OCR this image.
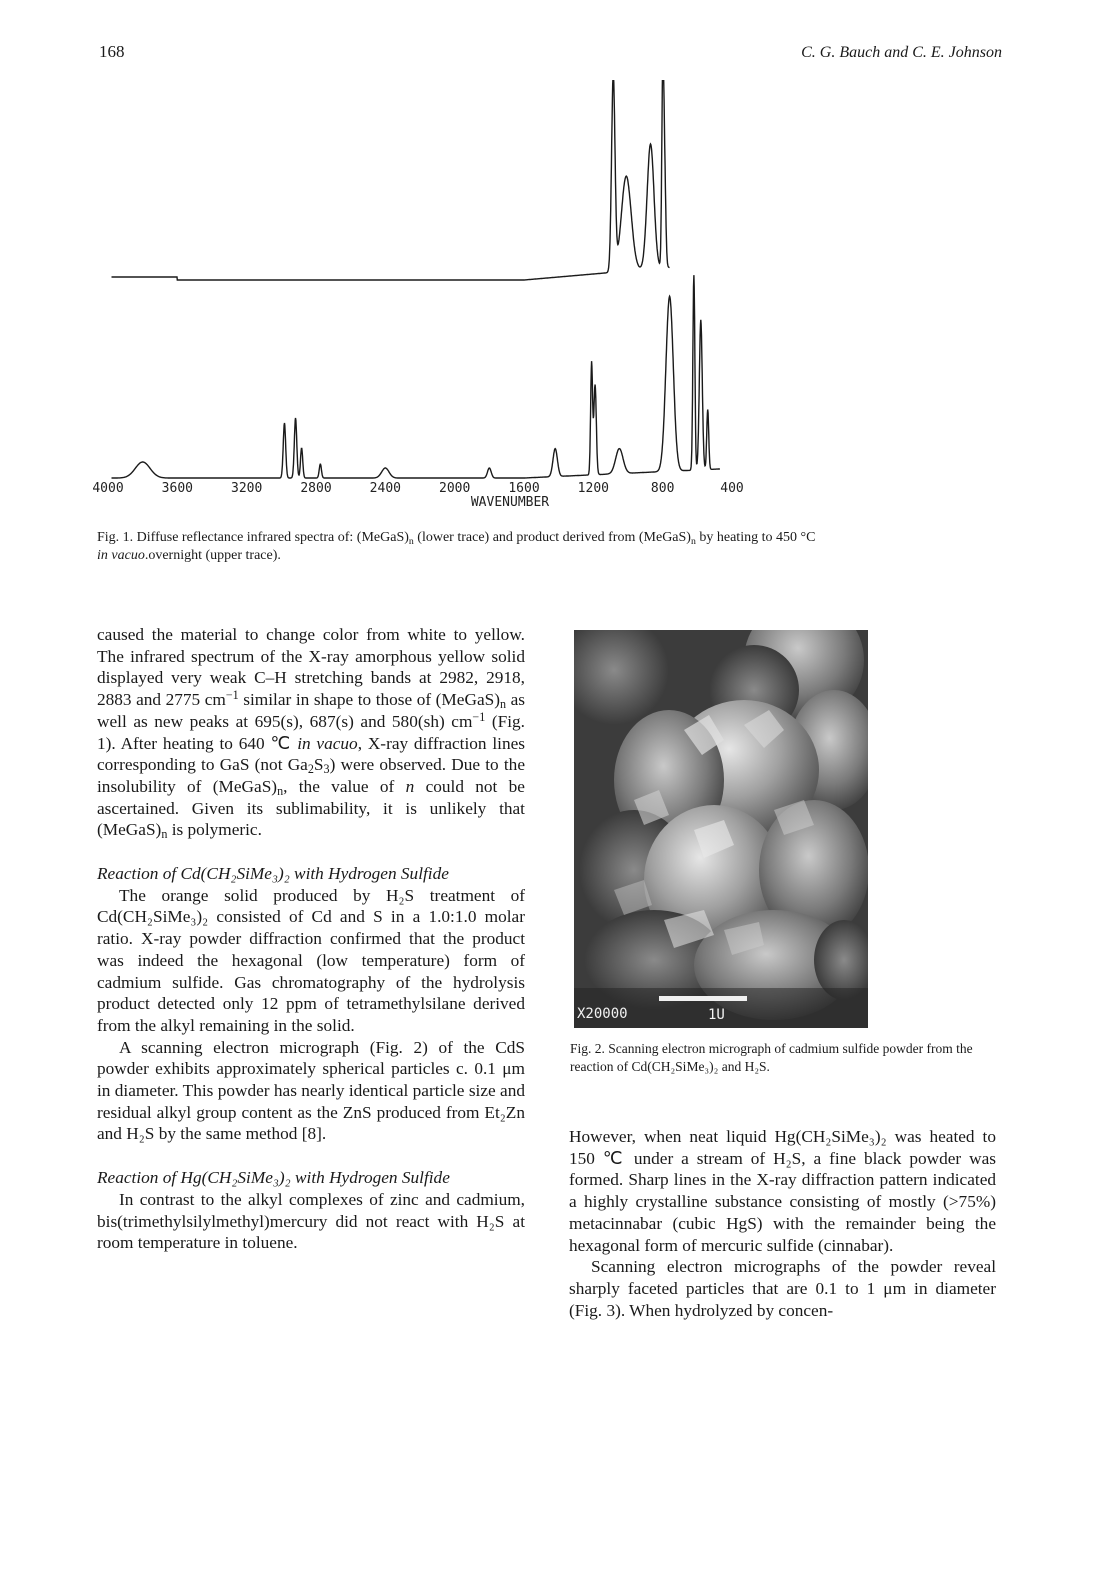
168	C. G. Bauch and C. E. Johnson
4000	3600	3200	2800	2400	2000	1600	1200	800	400
WAVENUMBER
Fig. 1. Diffuse reflectance infrared spectra of: $(MeGaS)_n$ (lower trace) and product derived from $(MeGaS)_n$ by heating to 450 °C
in vacuo.overnight (upper trace).

caused the material to change color from white to yellow. The infrared spectrum of the X-ray amorphous yellow solid displayed very weak C–H stretching bands at 2982, 2918, 2883 and 2775 $cm^{-1}$ similar in shape to those of $(MeGaS)_n$ as well as new peaks at 695(s), 687(s) and 580(sh) $cm^{-1}$ (Fig. 1). After heating to 640 ℃ in vacuo, X-ray diffraction lines corresponding to GaS (not $Ga_2S_3$) were observed. Due to the insolubility of $(MeGaS)_n$, the value of n could not be ascertained. Given its sublimability, it is unlikely that $(MeGaS)_n$ is polymeric.

Reaction of Cd(CH₂SiMe₃)₂ with Hydrogen Sulfide

The orange solid produced by H₂S treatment of Cd(CH₂SiMe₃)₂ consisted of Cd and S in a 1.0:1.0 molar ratio. X-ray powder diffraction confirmed that the product was indeed the hexagonal (low temperature) form of cadmium sulfide. Gas chromatography of the hydrolysis product detected only 12 ppm of tetramethylsilane derived from the alkyl remaining in the solid.

A scanning electron micrograph (Fig. 2) of the CdS powder exhibits approximately spherical particles c. 0.1 μm in diameter. This powder has nearly identical particle size and residual alkyl group content as the ZnS produced from Et₂Zn and H₂S by the same method [8].

Reaction of Hg(CH₂SiMe₃)₂ with Hydrogen Sulfide

In contrast to the alkyl complexes of zinc and cadmium, bis(trimethylsilylmethyl)mercury did not react with H₂S at room temperature in toluene.

X20000	1U
Fig. 2. Scanning electron micrograph of cadmium sulfide powder from the reaction of Cd(CH₂SiMe₃)₂ and H₂S.

However, when neat liquid Hg(CH₂SiMe₃)₂ was heated to 150 ℃ under a stream of H₂S, a fine black powder was formed. Sharp lines in the X-ray diffraction pattern indicated a highly crystalline substance consisting of mostly (>75%) metacinnabar (cubic HgS) with the remainder being the hexagonal form of mercuric sulfide (cinnabar).

Scanning electron micrographs of the powder reveal sharply faceted particles that are 0.1 to 1 μm in diameter (Fig. 3). When hydrolyzed by concen-
